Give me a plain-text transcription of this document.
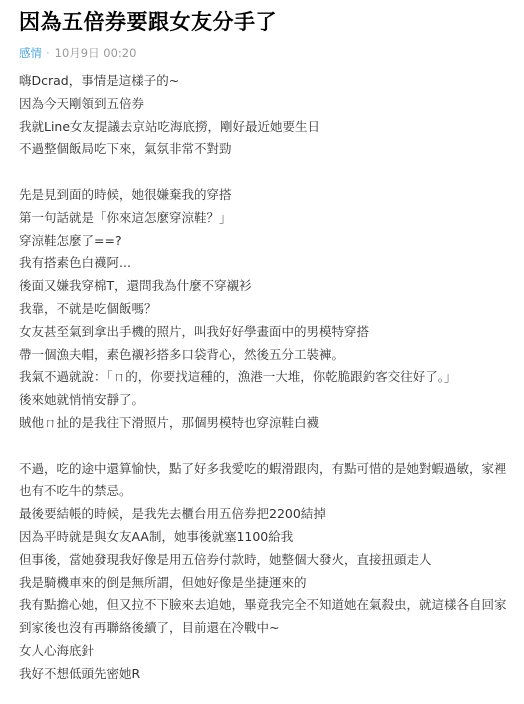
因為五倍券要跟女友分手了
感情 · 10月9日 00:20
嗨Dcrad，事情是這樣子的~
因為今天剛領到五倍券
我就Line女友提議去京站吃海底撈，剛好最近她要生日
不過整個飯局吃下來，氣氛非常不對勁
先是見到面的時候，她很嫌棄我的穿搭
第一句話就是「你來這怎麼穿涼鞋？」
穿涼鞋怎麼了==?
我有搭素色白襪阿...
後面又嫌我穿棉T，還問我為什麼不穿襯衫
我靠，不就是吃個飯嗎？
女友甚至氣到拿出手機的照片，叫我好好學畫面中的男模特穿搭
帶一個漁夫帽，素色襯衫搭多口袋背心，然後五分工裝褲。
我氣不過就說：「ㄇ的，你要找這種的，漁港一大堆，你乾脆跟釣客交往好了。」
後來她就悄悄安靜了。
賊他ㄇ扯的是我往下滑照片，那個男模特也穿涼鞋白襪
不過，吃的途中還算愉快，點了好多我愛吃的蝦滑跟肉，有點可惜的是她對蝦過敏，家裡也有不吃牛的禁忌。
最後要結帳的時候，是我先去櫃台用五倍券把2200結掉
因為平時就是與女友AA制，她事後就塞1100給我
但事後，當她發現我好像是用五倍券付款時，她整個大發火，直接扭頭走人
我是騎機車來的倒是無所謂，但她好像是坐捷運來的
我有點擔心她，但又拉不下臉來去追她，畢竟我完全不知道她在氣殺虫，就這樣各自回家
到家後也沒有再聯絡後續了，目前還在冷戰中~
女人心海底針
我好不想低頭先密她R
